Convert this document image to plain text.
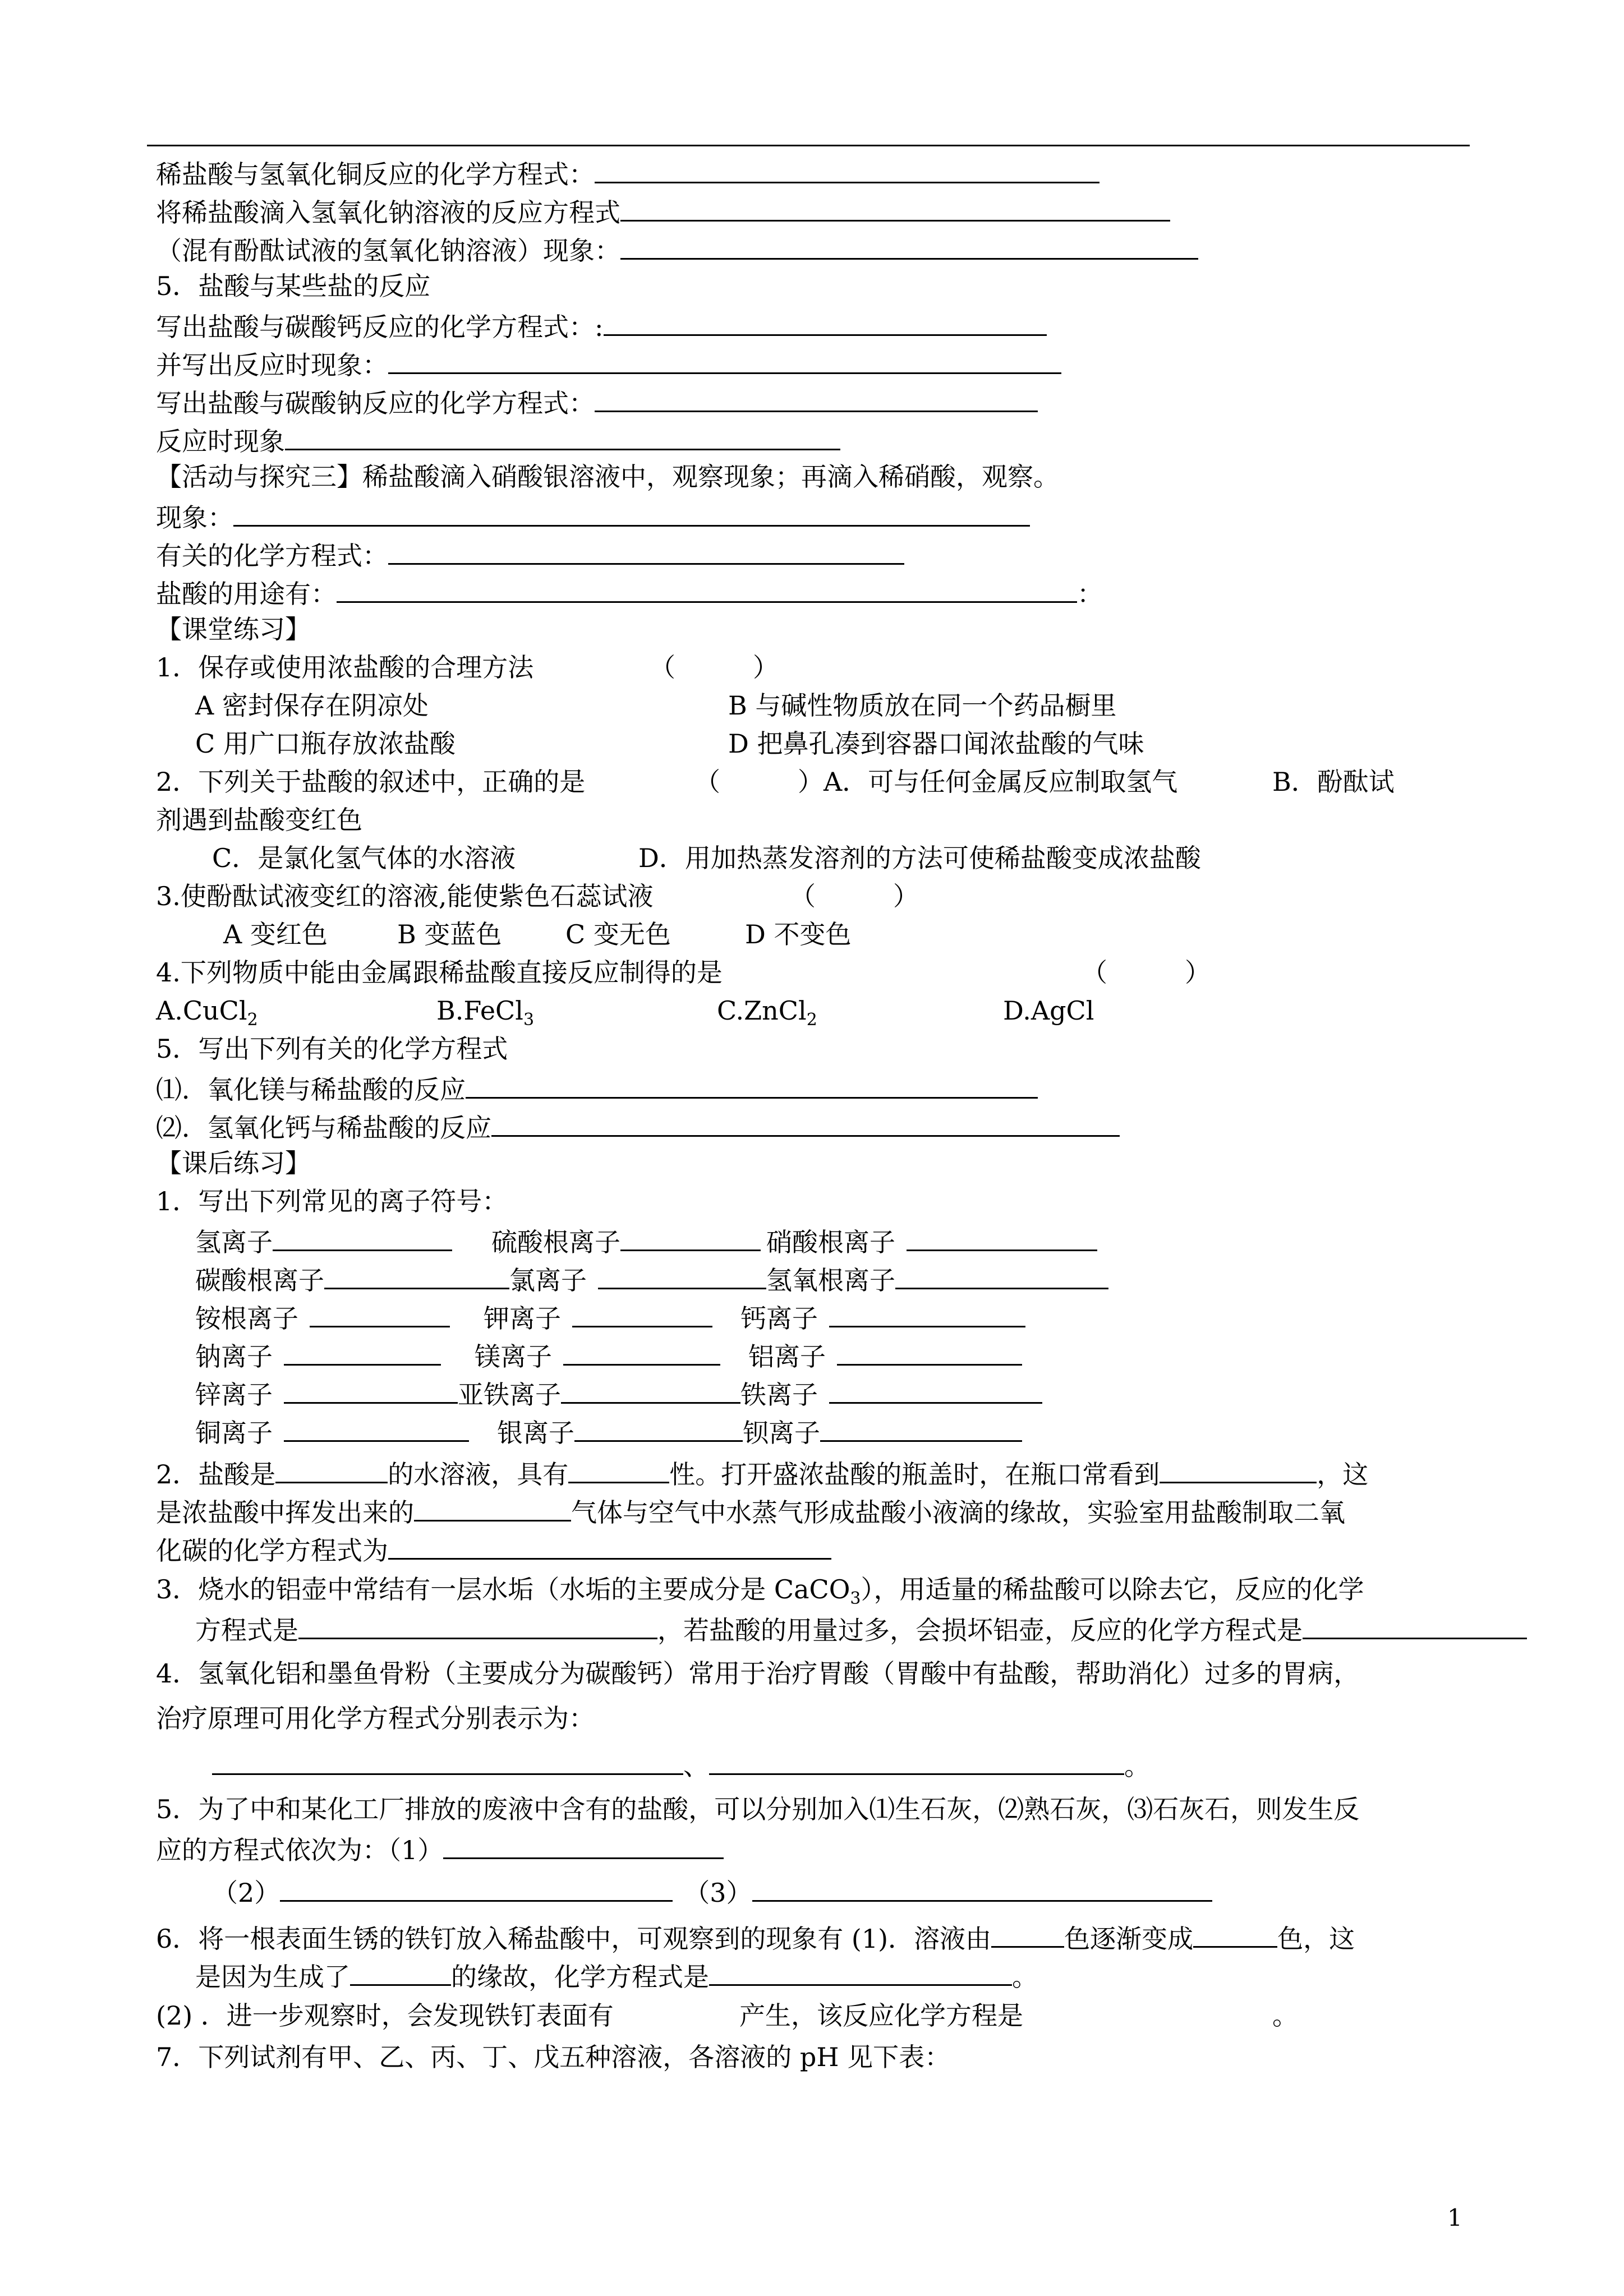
稀盐酸与氢氧化铜反应的化学方程式：
将稀盐酸滴入氢氧化钠溶液的反应方程式
（混有酚酞试液的氢氧化钠溶液）现象：
5．盐酸与某些盐的反应
写出盐酸与碳酸钙反应的化学方程式：:
并写出反应时现象：
写出盐酸与碳酸钠反应的化学方程式：
反应时现象
【活动与探究三】稀盐酸滴入硝酸银溶液中，观察现象；再滴入稀硝酸，观察。
现象：
有关的化学方程式：
盐酸的用途有：	：
【课堂练习】
1．保存或使用浓盐酸的合理方法	（　　　）
A 密封保存在阴凉处	B 与碱性物质放在同一个药品橱里
C 用广口瓶存放浓盐酸	D 把鼻孔凑到容器口闻浓盐酸的气味
2．下列关于盐酸的叙述中，正确的是	（　　　）A．可与任何金属反应制取氢气	B．酚酞试
剂遇到盐酸变红色
C．是氯化氢气体的水溶液	D．用加热蒸发溶剂的方法可使稀盐酸变成浓盐酸
3.使酚酞试液变红的溶液,能使紫色石蕊试液	（　　　）
A 变红色	B 变蓝色 C 变无色	D 不变色
4.下列物质中能由金属跟稀盐酸直接反应制得的是	（　　　）
A.CuCl$_2$	B.FeCl$_3$	C.ZnCl$_2$	D.AgCl
5．写出下列有关的化学方程式
⑴．氧化镁与稀盐酸的反应
⑵．氢氧化钙与稀盐酸的反应
【课后练习】
1．写出下列常见的离子符号：
氢离子	硫酸根离子	硝酸根离子
碳酸根离子	氯离子	氢氧根离子
铵根离子	钾离子	钙离子
钠离子	镁离子	铝离子
锌离子	亚铁离子	铁离子
铜离子	银离子	钡离子
2．盐酸是	的水溶液，具有	性。打开盛浓盐酸的瓶盖时，在瓶口常看到	，这
是浓盐酸中挥发出来的	气体与空气中水蒸气形成盐酸小液滴的缘故，实验室用盐酸制取二氧
化碳的化学方程式为
3．烧水的铝壶中常结有一层水垢（水垢的主要成分是 CaCO$_3$），用适量的稀盐酸可以除去它，反应的化学
方程式是	，若盐酸的用量过多，会损坏铝壶，反应的化学方程式是
4．氢氧化铝和墨鱼骨粉（主要成分为碳酸钙）常用于治疗胃酸（胃酸中有盐酸，帮助消化）过多的胃病，
治疗原理可用化学方程式分别表示为：
、	。
5．为了中和某化工厂排放的废液中含有的盐酸，可以分别加入⑴生石灰，⑵熟石灰，⑶石灰石，则发生反
应的方程式依次为：（1）
（2）	（3）
6．将一根表面生锈的铁钉放入稀盐酸中，可观察到的现象有 (1)．溶液由	色逐渐变成	色，这
是因为生成了	的缘故，化学方程式是	。
(2) ．进一步观察时，会发现铁钉表面有	产生，该反应化学方程是	。
7．下列试剂有甲、乙、丙、丁、戊五种溶液，各溶液的 pH 见下表：
1
